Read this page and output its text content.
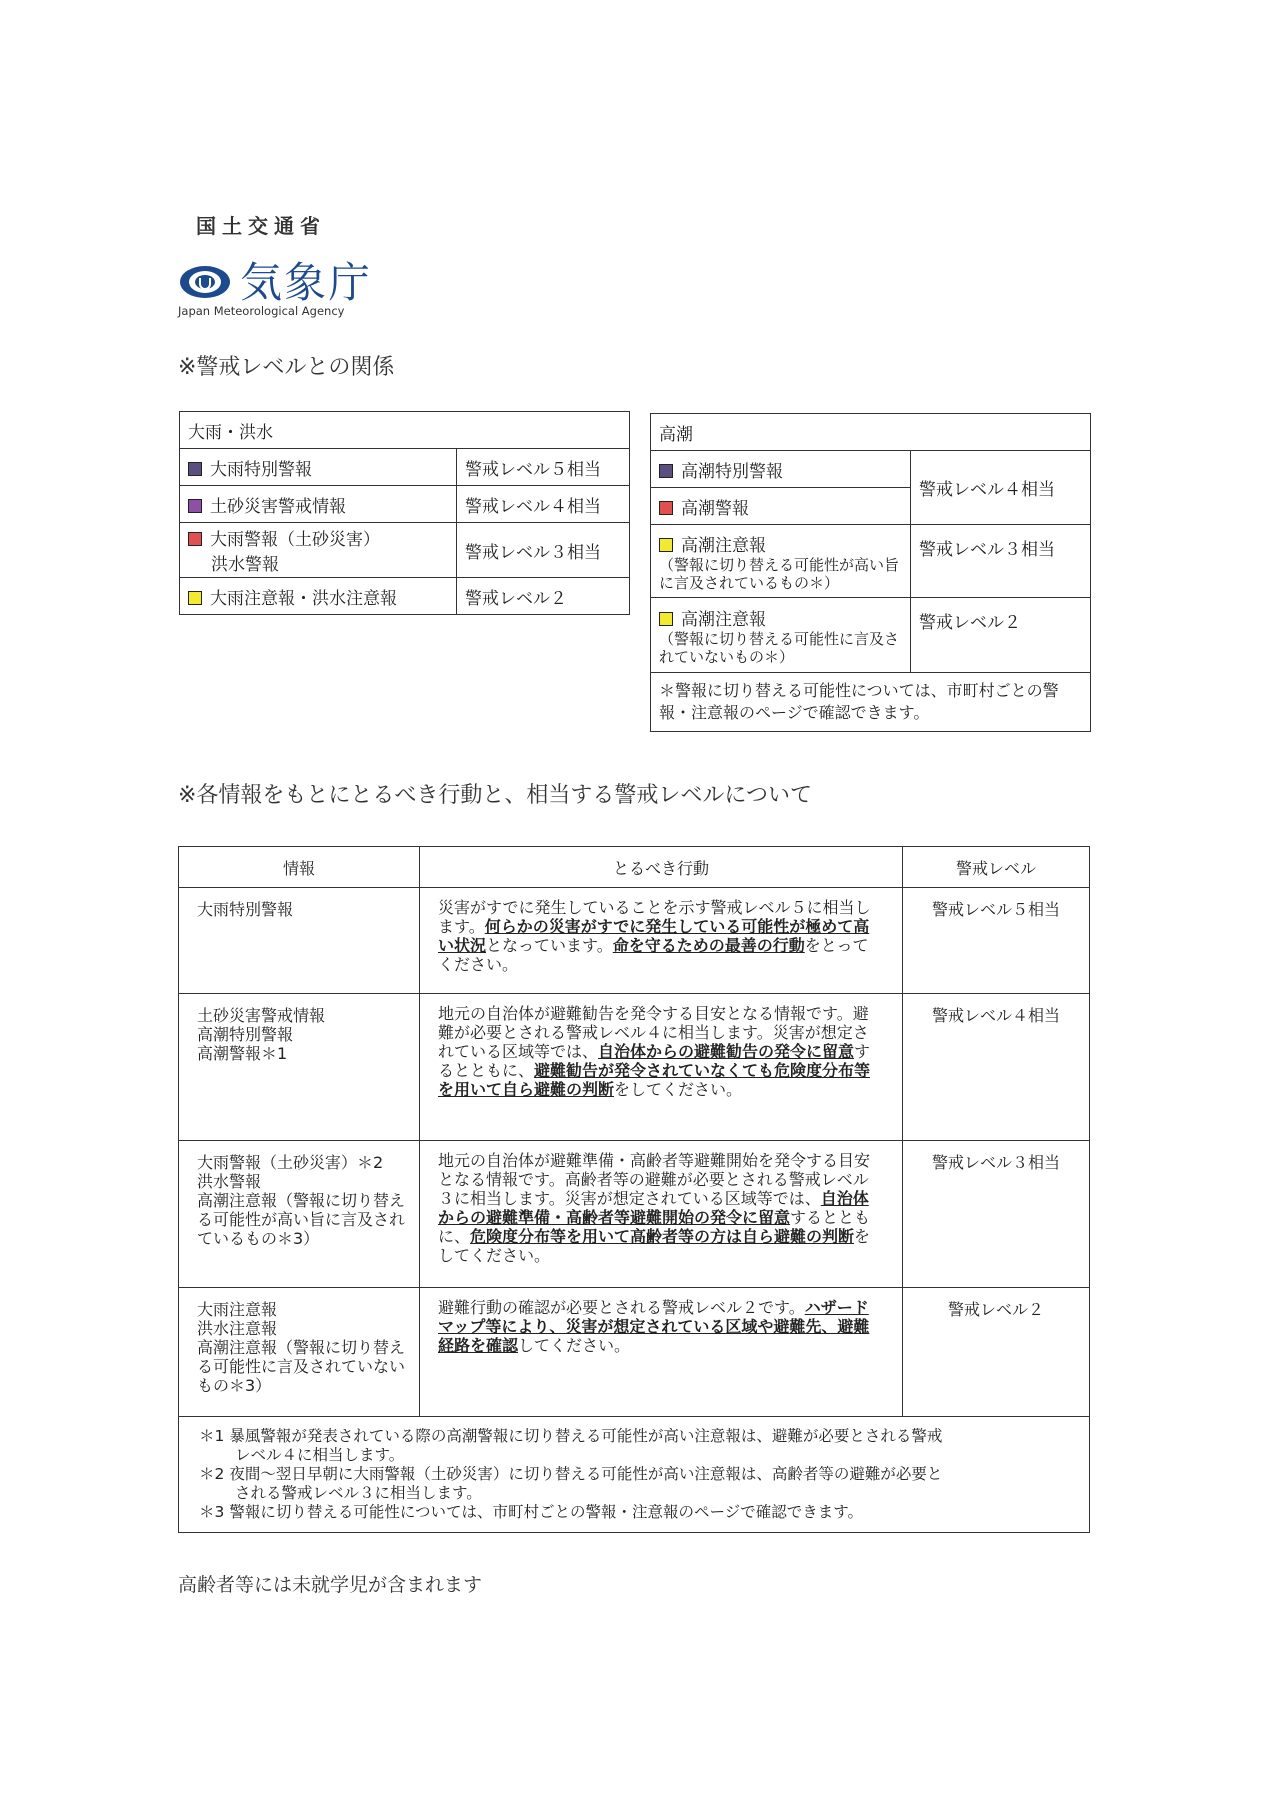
国土交通省
気象庁
Japan Meteorological Agency
※警戒レベルとの関係
大雨・洪水	
大雨特別警報	警戒レベル５相当
土砂災害警戒情報	警戒レベル４相当
大雨警報（土砂災害）
洪水警報	警戒レベル３相当
大雨注意報・洪水注意報	警戒レベル２
高潮	
高潮特別警報	警戒レベル４相当
高潮警報	
高潮注意報
（警報に切り替える可能性が高い旨に言及されているもの＊）	警戒レベル３相当
高潮注意報
（警報に切り替える可能性に言及されていないもの＊）	警戒レベル２
＊警報に切り替える可能性については、市町村ごとの警報・注意報のページで確認できます。	
※各情報をもとにとるべき行動と、相当する警戒レベルについて
情報	とるべき行動	警戒レベル

大雨特別警報	災害がすでに発生していることを示す警戒レベル５に相当します。何らかの災害がすでに発生している可能性が極めて高い状況となっています。命を守るための最善の行動をとってください。	警戒レベル５相当

土砂災害警戒情報
高潮特別警報
高潮警報＊1	地元の自治体が避難勧告を発令する目安となる情報です。避難が必要とされる警戒レベル４に相当します。災害が想定されている区域等では、自治体からの避難勧告の発令に留意するとともに、避難勧告が発令されていなくても危険度分布等を用いて自ら避難の判断をしてください。	警戒レベル４相当

大雨警報（土砂災害）＊2
洪水警報
高潮注意報（警報に切り替える可能性が高い旨に言及されているもの＊3）	地元の自治体が避難準備・高齢者等避難開始を発令する目安となる情報です。高齢者等の避難が必要とされる警戒レベル３に相当します。災害が想定されている区域等では、自治体からの避難準備・高齢者等避難開始の発令に留意するとともに、危険度分布等を用いて高齢者等の方は自ら避難の判断をしてください。	警戒レベル３相当

大雨注意報
洪水注意報
高潮注意報（警報に切り替える可能性に言及されていないもの＊3）	避難行動の確認が必要とされる警戒レベル２です。ハザードマップ等により、災害が想定されている区域や避難先、避難経路を確認してください。	警戒レベル２

＊1 暴風警報が発表されている際の高潮警報に切り替える可能性が高い注意報は、避難が必要とされる警戒
レベル４に相当します。
＊2 夜間～翌日早朝に大雨警報（土砂災害）に切り替える可能性が高い注意報は、高齢者等の避難が必要と
される警戒レベル３に相当します。
＊3 警報に切り替える可能性については、市町村ごとの警報・注意報のページで確認できます。		
高齢者等には未就学児が含まれます
